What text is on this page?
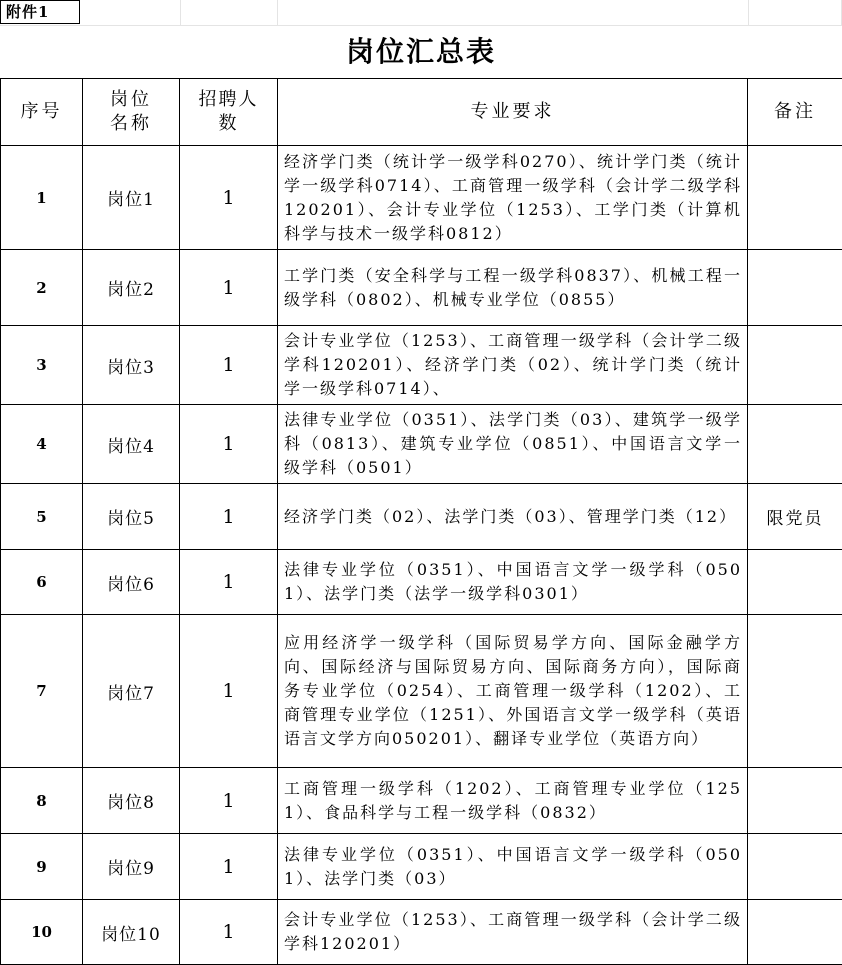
附件1
岗位汇总表
序号	岗位名称	招聘人数	专业要求	备注
1	岗位1	1	经济学门类（统计学一级学科0270）、统计学门类（统计学一级学科0714）、工商管理一级学科（会计学二级学科120201）、会计专业学位（1253）、工学门类（计算机科学与技术一级学科0812）	
2	岗位2	1	工学门类（安全科学与工程一级学科0837）、机械工程一级学科（0802）、机械专业学位（0855）	
3	岗位3	1	会计专业学位（1253）、工商管理一级学科（会计学二级学科120201）、经济学门类（02）、统计学门类（统计学一级学科0714）、	
4	岗位4	1	法律专业学位（0351）、法学门类（03）、建筑学一级学科（0813）、建筑专业学位（0851）、中国语言文学一级学科（0501）	
5	岗位5	1	经济学门类（02）、法学门类（03）、管理学门类（12）	限党员
6	岗位6	1	法律专业学位（0351）、中国语言文学一级学科（0501）、法学门类（法学一级学科0301）	
7	岗位7	1	应用经济学一级学科（国际贸易学方向、国际金融学方向、国际经济与国际贸易方向、国际商务方向），国际商务专业学位（0254）、工商管理一级学科（1202）、工商管理专业学位（1251）、外国语言文学一级学科（英语语言文学方向050201）、翻译专业学位（英语方向）	
8	岗位8	1	工商管理一级学科（1202）、工商管理专业学位（1251）、食品科学与工程一级学科（0832）	
9	岗位9	1	法律专业学位（0351）、中国语言文学一级学科（0501）、法学门类（03）	
10	岗位10	1	会计专业学位（1253）、工商管理一级学科（会计学二级学科120201）	
